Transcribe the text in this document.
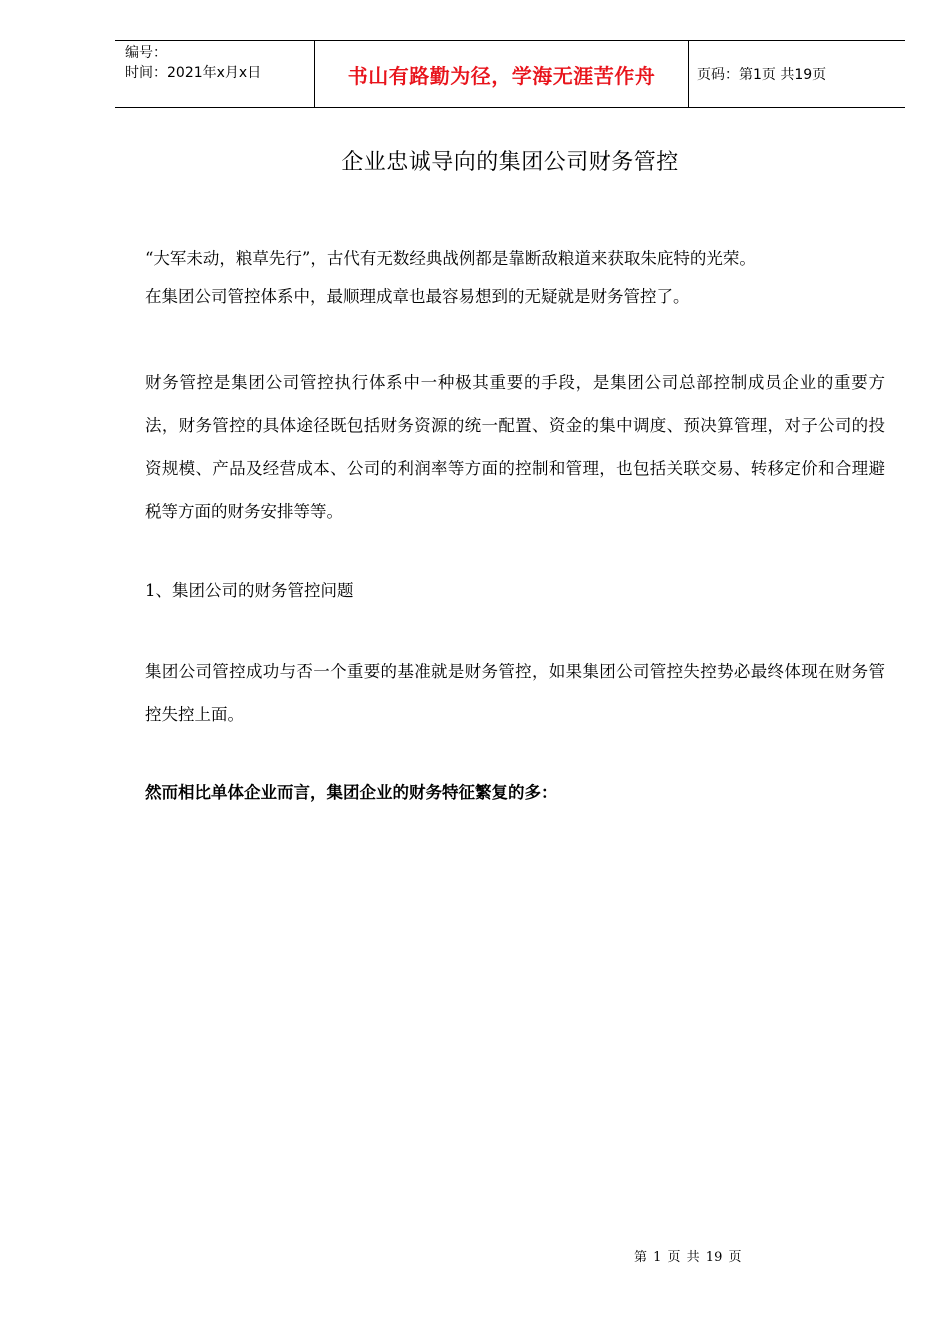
编号：
时间：2021年x月x日	书山有路勤为径，学海无涯苦作舟	页码：第1页 共19页
企业忠诚导向的集团公司财务管控

“大军未动，粮草先行”，古代有无数经典战例都是靠断敌粮道来获取朱庇特的光荣。
在集团公司管控体系中，最顺理成章也最容易想到的无疑就是财务管控了。

财务管控是集团公司管控执行体系中一种极其重要的手段，是集团公司总部控制成员企业的重要方法，财务管控的具体途径既包括财务资源的统一配置、资金的集中调度、预决算管理，对子公司的投资规模、产品及经营成本、公司的利润率等方面的控制和管理，也包括关联交易、转移定价和合理避税等方面的财务安排等等。

1、集团公司的财务管控问题

集团公司管控成功与否一个重要的基准就是财务管控，如果集团公司管控失控势必最终体现在财务管控失控上面。

然而相比单体企业而言，集团企业的财务特征繁复的多：

第 1 页 共 19 页
